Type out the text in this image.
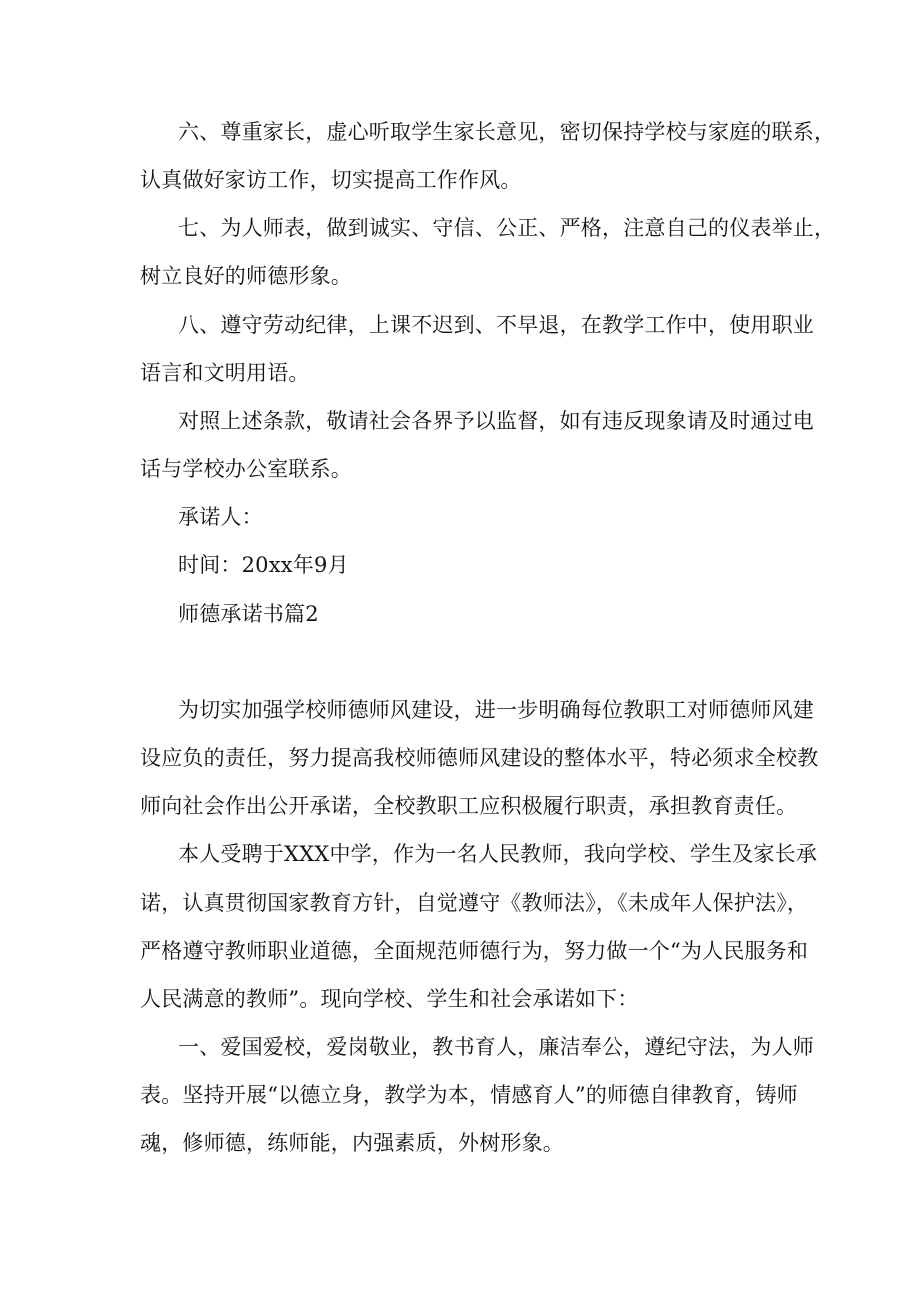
六、尊重家长，虚心听取学生家长意见，密切保持学校与家庭的联系，
认真做好家访工作，切实提高工作作风。
七、为人师表，做到诚实、守信、公正、严格，注意自己的仪表举止，
树立良好的师德形象。
八、遵守劳动纪律，上课不迟到、不早退，在教学工作中，使用职业
语言和文明用语。
对照上述条款，敬请社会各界予以监督，如有违反现象请及时通过电
话与学校办公室联系。
承诺人：
时间：20xx年9月
师德承诺书篇2
为切实加强学校师德师风建设，进一步明确每位教职工对师德师风建
设应负的责任，努力提高我校师德师风建设的整体水平，特必须求全校教
师向社会作出公开承诺，全校教职工应积极履行职责，承担教育责任。
本人受聘于XXX中学，作为一名人民教师，我向学校、学生及家长承
诺，认真贯彻国家教育方针，自觉遵守《教师法》，《未成年人保护法》，
严格遵守教师职业道德，全面规范师德行为，努力做一个“为人民服务和
人民满意的教师”。现向学校、学生和社会承诺如下：
一、爱国爱校，爱岗敬业，教书育人，廉洁奉公，遵纪守法，为人师
表。坚持开展“以德立身，教学为本，情感育人”的师德自律教育，铸师
魂，修师德，练师能，内强素质，外树形象。
